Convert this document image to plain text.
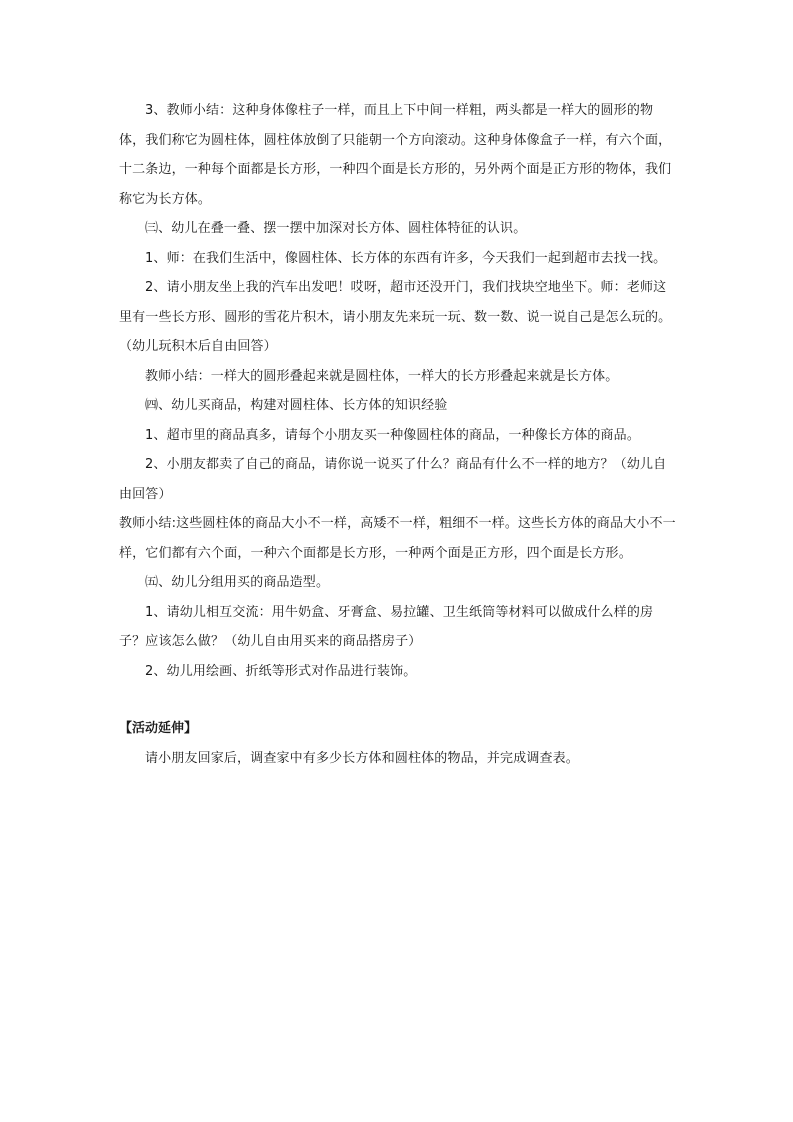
3、教师小结：这种身体像柱子一样，而且上下中间一样粗，两头都是一样大的圆形的物体，我们称它为圆柱体，圆柱体放倒了只能朝一个方向滚动。这种身体像盒子一样，有六个面，十二条边，一种每个面都是长方形，一种四个面是长方形的，另外两个面是正方形的物体，我们称它为长方体。

㈢、幼儿在叠一叠、摆一摆中加深对长方体、圆柱体特征的认识。

1、师：在我们生活中，像圆柱体、长方体的东西有许多，今天我们一起到超市去找一找。

2、请小朋友坐上我的汽车出发吧！哎呀，超市还没开门，我们找块空地坐下。师：老师这里有一些长方形、圆形的雪花片积木，请小朋友先来玩一玩、数一数、说一说自己是怎么玩的。（幼儿玩积木后自由回答）

教师小结：一样大的圆形叠起来就是圆柱体，一样大的长方形叠起来就是长方体。

㈣、幼儿买商品，构建对圆柱体、长方体的知识经验

1、超市里的商品真多，请每个小朋友买一种像圆柱体的商品，一种像长方体的商品。

2、小朋友都卖了自己的商品，请你说一说买了什么？商品有什么不一样的地方？（幼儿自由回答）

教师小结:这些圆柱体的商品大小不一样，高矮不一样，粗细不一样。这些长方体的商品大小不一样，它们都有六个面，一种六个面都是长方形，一种两个面是正方形，四个面是长方形。

㈤、幼儿分组用买的商品造型。

1、请幼儿相互交流：用牛奶盒、牙膏盒、易拉罐、卫生纸筒等材料可以做成什么样的房子？应该怎么做？（幼儿自由用买来的商品搭房子）

2、幼儿用绘画、折纸等形式对作品进行装饰。

【活动延伸】

请小朋友回家后，调查家中有多少长方体和圆柱体的物品，并完成调查表。
